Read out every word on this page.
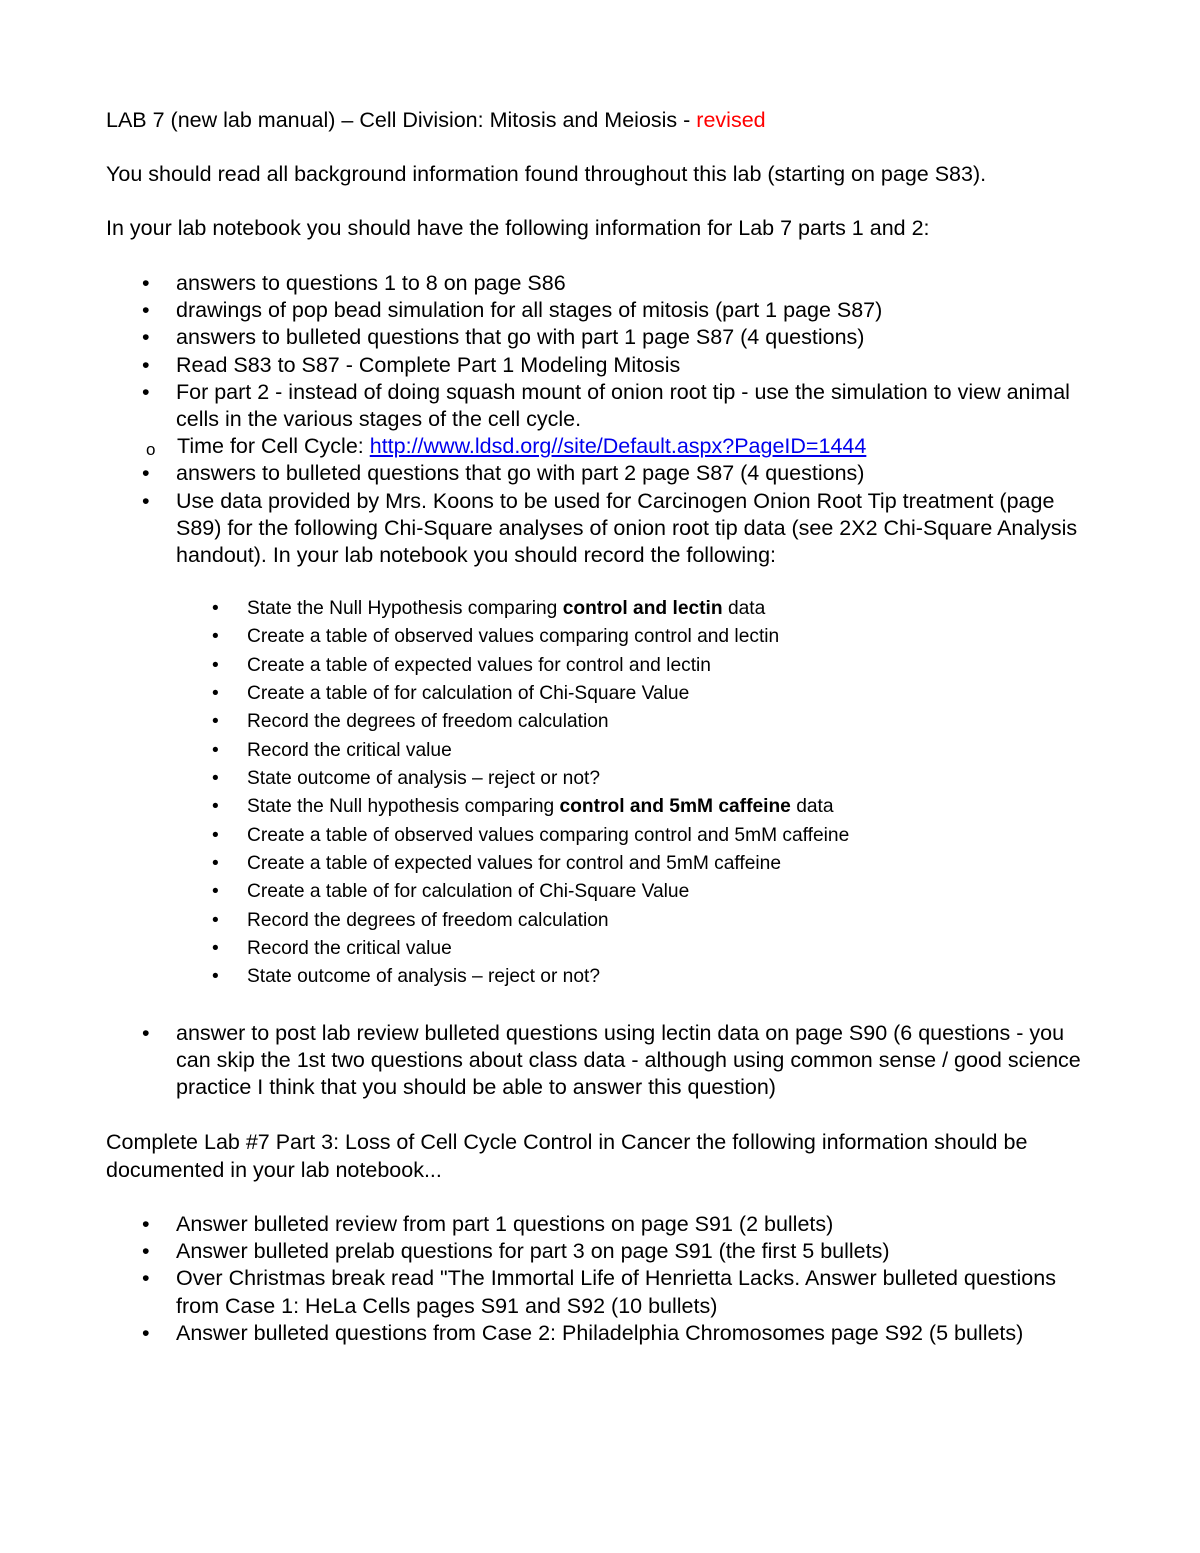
LAB 7 (new lab manual) – Cell Division: Mitosis and Meiosis - revised

You should read all background information found throughout this lab (starting on page S83).

In your lab notebook you should have the following information for Lab 7 parts 1 and 2:

• answers to questions 1 to 8 on page S86
• drawings of pop bead simulation for all stages of mitosis (part 1 page S87)
• answers to bulleted questions that go with part 1 page S87 (4 questions)
• Read S83 to S87 - Complete Part 1 Modeling Mitosis
• For part 2 - instead of doing squash mount of onion root tip - use the simulation to view animal cells in the various stages of the cell cycle.
o Time for Cell Cycle: http://www.ldsd.org//site/Default.aspx?PageID=1444
• answers to bulleted questions that go with part 2 page S87 (4 questions)
• Use data provided by Mrs. Koons to be used for Carcinogen Onion Root Tip treatment (page S89) for the following Chi-Square analyses of onion root tip data (see 2X2 Chi-Square Analysis handout). In your lab notebook you should record the following:
• State the Null Hypothesis comparing control and lectin data
• Create a table of observed values comparing control and lectin
• Create a table of expected values for control and lectin
• Create a table of for calculation of Chi-Square Value
• Record the degrees of freedom calculation
• Record the critical value
• State outcome of analysis – reject or not?
• State the Null hypothesis comparing control and 5mM caffeine data
• Create a table of observed values comparing control and 5mM caffeine
• Create a table of expected values for control and 5mM caffeine
• Create a table of for calculation of Chi-Square Value
• Record the degrees of freedom calculation
• Record the critical value
• State outcome of analysis – reject or not?
• answer to post lab review bulleted questions using lectin data on page S90 (6 questions - you can skip the 1st two questions about class data - although using common sense / good science practice I think that you should be able to answer this question)

Complete Lab #7 Part 3: Loss of Cell Cycle Control in Cancer the following information should be documented in your lab notebook...

• Answer bulleted review from part 1 questions on page S91 (2 bullets)
• Answer bulleted prelab questions for part 3 on page S91 (the first 5 bullets)
• Over Christmas break read "The Immortal Life of Henrietta Lacks. Answer bulleted questions from Case 1: HeLa Cells pages S91 and S92 (10 bullets)
• Answer bulleted questions from Case 2: Philadelphia Chromosomes page S92 (5 bullets)
